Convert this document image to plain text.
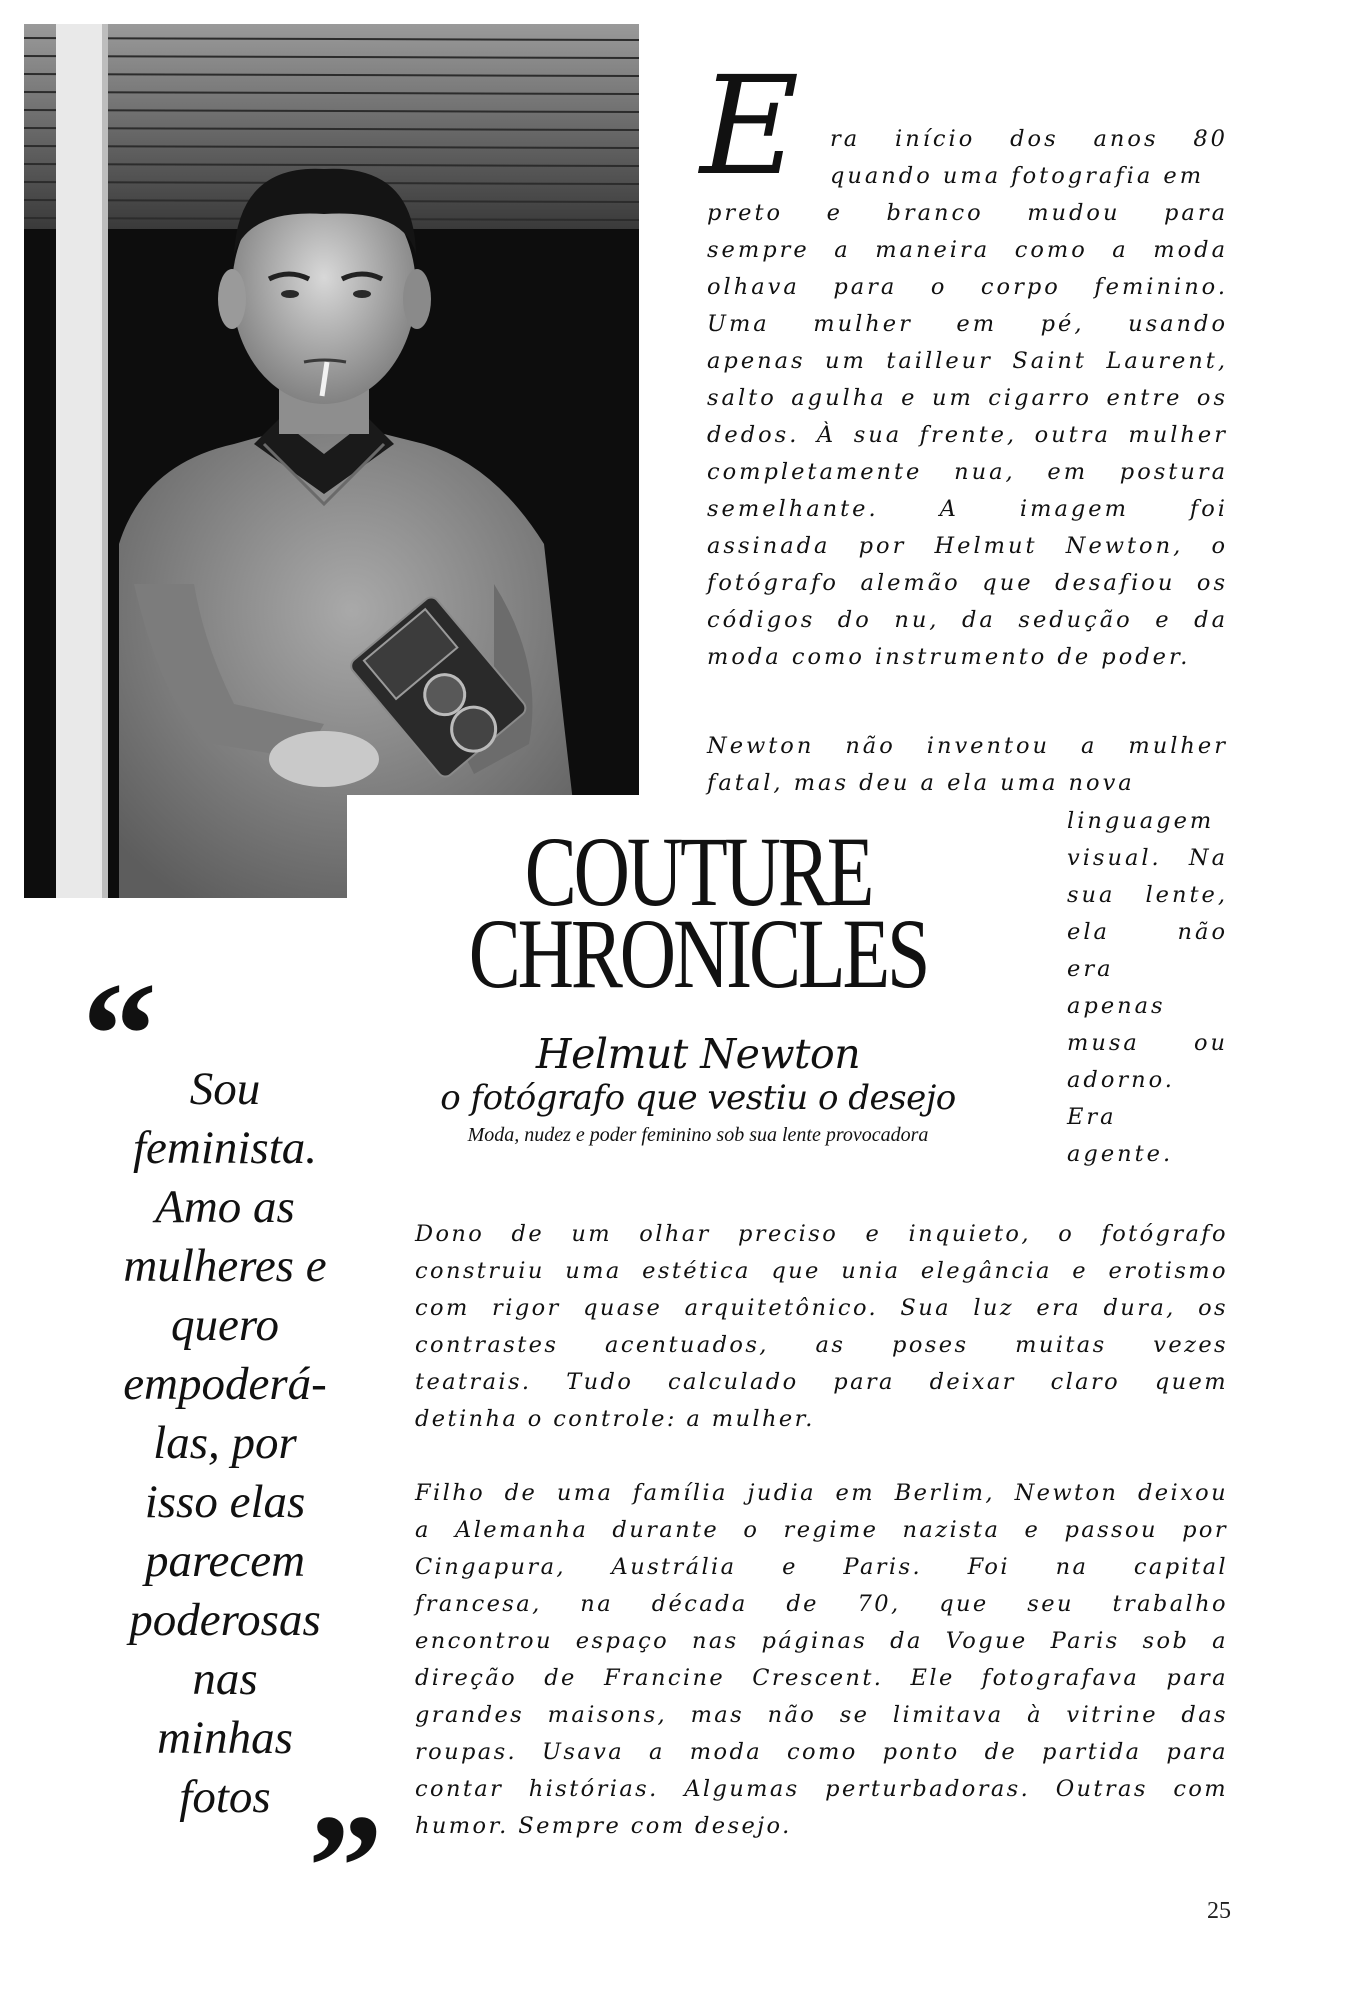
COUTURE
CHRONICLES
Helmut Newton
o fotógrafo que vestiu o desejo
Moda, nudez e poder feminino sob sua lente provocadora
E	ra início dos anos 80
quando uma fotografia em
preto e branco mudou para
sempre a maneira como a moda
olhava para o corpo feminino.
Uma mulher em pé, usando
apenas um tailleur Saint Laurent,
salto agulha e um cigarro entre os
dedos. À sua frente, outra mulher
completamente nua, em postura
semelhante. A imagem foi
assinada por Helmut Newton, o
fotógrafo alemão que desafiou os
códigos do nu, da sedução e da
moda como instrumento de poder.
Newton não inventou a mulher
fatal, mas deu a ela uma nova
linguagem
visual. Na
sua lente,
ela não
era
apenas
musa ou
adorno.
Era
agente.
Dono de um olhar preciso e inquieto, o fotógrafo
construiu uma estética que unia elegância e erotismo
com rigor quase arquitetônico. Sua luz era dura, os
contrastes acentuados, as poses muitas vezes
teatrais. Tudo calculado para deixar claro quem
detinha o controle: a mulher.
Filho de uma família judia em Berlim, Newton deixou
a Alemanha durante o regime nazista e passou por
Cingapura, Austrália e Paris. Foi na capital
francesa, na década de 70, que seu trabalho
encontrou espaço nas páginas da Vogue Paris sob a
direção de Francine Crescent. Ele fotografava para
grandes maisons, mas não se limitava à vitrine das
roupas. Usava a moda como ponto de partida para
contar histórias. Algumas perturbadoras. Outras com
humor. Sempre com desejo.
“ Sou
feminista.
Amo as
mulheres e
quero
empoderá-
las, por
isso elas
parecem
poderosas
nas
minhas
fotos ”	25
